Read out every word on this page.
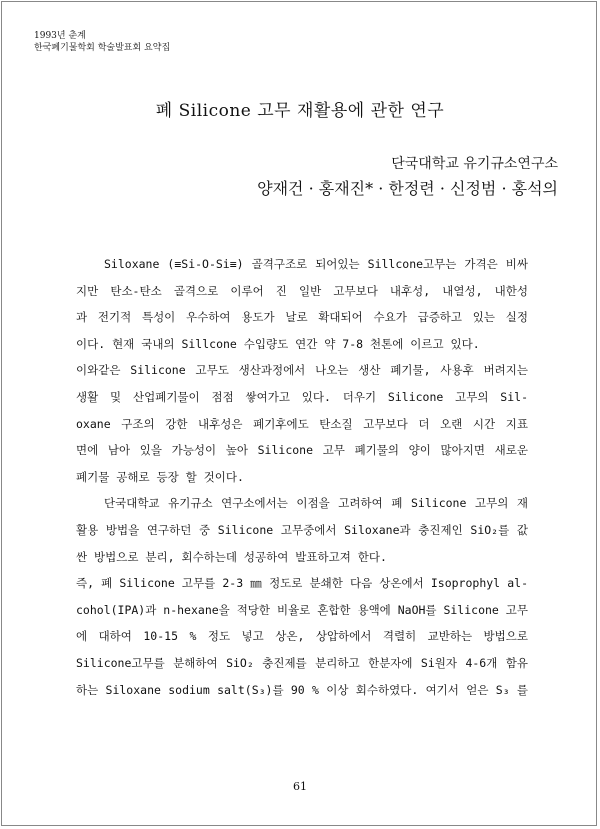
1993년 춘계
한국폐기물학회 학술발표회 요약집
폐 Silicone 고무 재활용에 관한 연구
단국대학교 유기규소연구소
양재건 · 홍재진* · 한정련 · 신정범 · 홍석의
Siloxane (≡Si-O-Si≡) 골격구조로 되어있는 Sillcone고무는 가격은 비싸
지만 탄소-탄소 골격으로 이루어 진 일반 고무보다 내후성, 내열성, 내한성
과 전기적 특성이 우수하여 용도가 날로 확대되어 수요가 급증하고 있는 실정
이다. 현재 국내의 Sillcone 수입량도 연간 약 7-8 천톤에 이르고 있다.
이와같은 Silicone 고무도 생산과정에서 나오는 생산 폐기물, 사용후 버려지는
생활 및 산업폐기물이 점점 쌓여가고 있다. 더우기 Silicone 고무의 Sil-
oxane 구조의 강한 내후성은 폐기후에도 탄소질 고무보다 더 오랜 시간 지표
면에 남아 있을 가능성이 높아 Silicone 고무 폐기물의 양이 많아지면 새로운
폐기물 공해로 등장 할 것이다.
단국대학교 유기규소 연구소에서는 이점을 고려하여 폐 Silicone 고무의 재
활용 방법을 연구하던 중 Silicone 고무중에서 Siloxane과 충진제인 SiO₂를 값
싼 방법으로 분리, 회수하는데 성공하여 발표하고져 한다.
즉, 폐 Silicone 고무를 2-3 ㎜ 정도로 분쇄한 다음 상온에서 Isoprophyl al-
cohol(IPA)과 n-hexane을 적당한 비율로 혼합한 용액에 NaOH를 Silicone 고무
에 대하여 10-15 % 정도 넣고 상온, 상압하에서 격렬히 교반하는 방법으로
Silicone고무를 분해하여 SiO₂ 충진제를 분리하고 한분자에 Si원자 4-6개 함유
하는 Siloxane sodium salt(S₃)를 90 % 이상 회수하였다. 여기서 얻은 S₃ 를
61
